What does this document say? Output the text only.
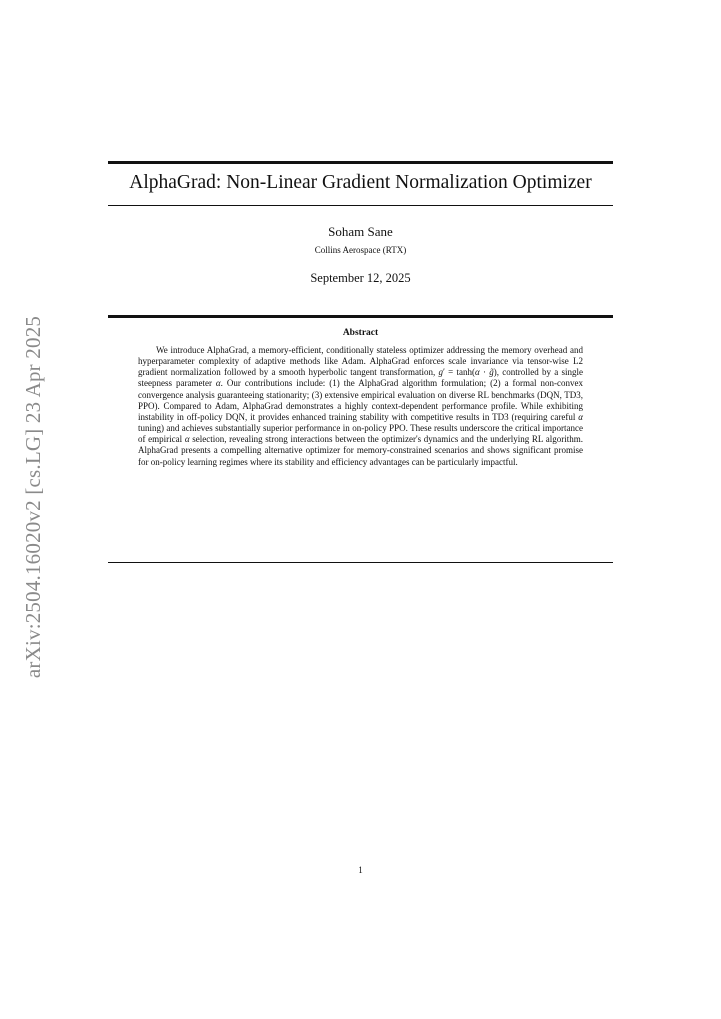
AlphaGrad: Non-Linear Gradient Normalization Optimizer
Soham Sane
Collins Aerospace (RTX)
September 12, 2025
Abstract

We introduce AlphaGrad, a memory-efficient, conditionally stateless optimizer addressing the memory overhead and hyperparameter complexity of adaptive methods like Adam. AlphaGrad enforces scale invariance via tensor-wise L2 gradient normalization followed by a smooth hyperbolic tangent transformation, g′ = tanh(α · g̃), controlled by a single steepness parameter α. Our contributions include: (1) the AlphaGrad algorithm formulation; (2) a formal non-convex convergence analysis guaranteeing stationarity; (3) extensive empirical evaluation on diverse RL benchmarks (DQN, TD3, PPO). Compared to Adam, AlphaGrad demonstrates a highly context-dependent performance profile. While exhibiting instability in off-policy DQN, it provides enhanced training stability with competitive results in TD3 (requiring careful α tuning) and achieves substantially superior performance in on-policy PPO. These results underscore the critical importance of empirical α selection, revealing strong interactions between the optimizer's dynamics and the underlying RL algorithm. AlphaGrad presents a compelling alternative optimizer for memory-constrained scenarios and shows significant promise for on-policy learning regimes where its stability and efficiency advantages can be particularly impactful.

1
arXiv:2504.16020v2 [cs.LG] 23 Apr 2025
